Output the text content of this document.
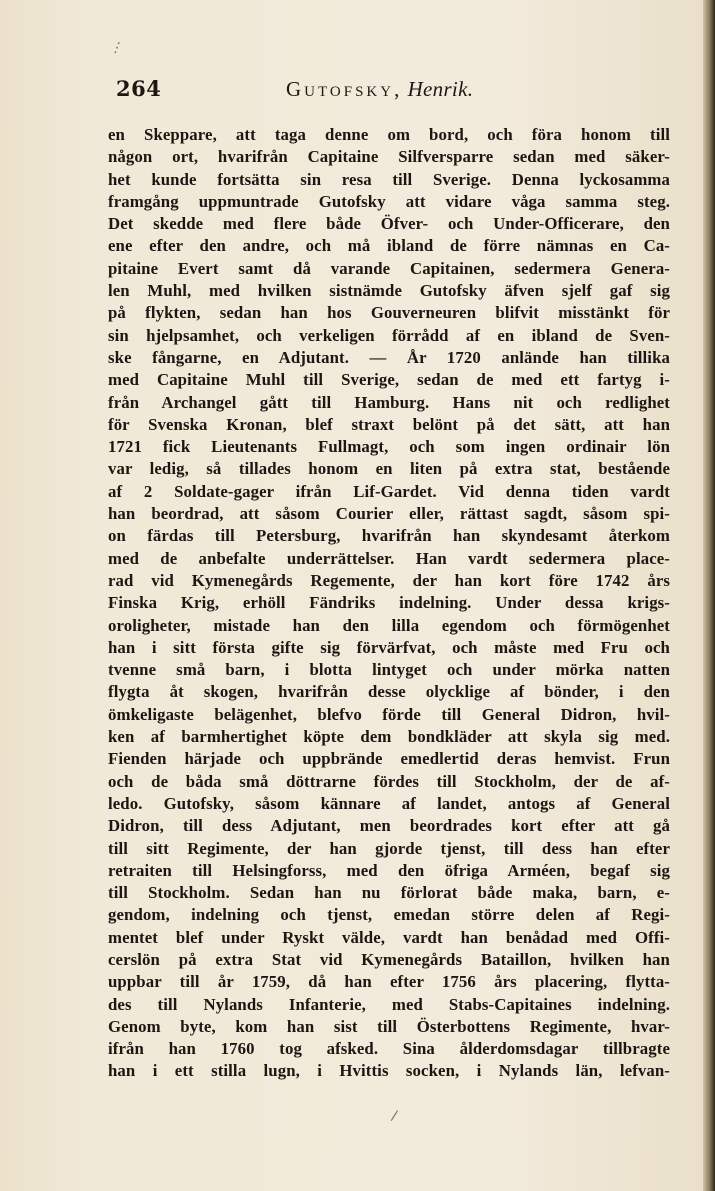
264	Gutofsky, Henrik.
en Skeppare, att taga denne om bord, och föra honom till
någon ort, hvarifrån Capitaine Silfversparre sedan med säker-
het kunde fortsätta sin resa till Sverige. Denna lyckosamma
framgång uppmuntrade Gutofsky att vidare våga samma steg.
Det skedde med flere både Öfver- och Under-Officerare, den
ene efter den andre, och må ibland de förre nämnas en Ca-
pitaine Evert samt då varande Capitainen, sedermera Genera-
len Muhl, med hvilken sistnämde Gutofsky äfven sjelf gaf sig
på flykten, sedan han hos Gouverneuren blifvit misstänkt för
sin hjelpsamhet, och verkeligen förrådd af en ibland de Sven-
ske fångarne, en Adjutant. — År 1720 anlände han tillika
med Capitaine Muhl till Sverige, sedan de med ett fartyg i-
från Archangel gått till Hamburg. Hans nit och redlighet
för Svenska Kronan, blef straxt belönt på det sätt, att han
1721 fick Lieutenants Fullmagt, och som ingen ordinair lön
var ledig, så tillades honom en liten på extra stat, bestående
af 2 Soldate-gager ifrån Lif-Gardet. Vid denna tiden vardt
han beordrad, att såsom Courier eller, rättast sagdt, såsom spi-
on färdas till Petersburg, hvarifrån han skyndesamt återkom
med de anbefalte underrättelser. Han vardt sedermera place-
rad vid Kymenegårds Regemente, der han kort före 1742 års
Finska Krig, erhöll Fändriks indelning. Under dessa krigs-
oroligheter, mistade han den lilla egendom och förmögenhet
han i sitt första gifte sig förvärfvat, och måste med Fru och
tvenne små barn, i blotta lintyget och under mörka natten
flygta åt skogen, hvarifrån desse olycklige af bönder, i den
ömkeligaste belägenhet, blefvo förde till General Didron, hvil-
ken af barmhertighet köpte dem bondkläder att skyla sig med.
Fienden härjade och uppbrände emedlertid deras hemvist. Frun
och de båda små döttrarne fördes till Stockholm, der de af-
ledo. Gutofsky, såsom kännare af landet, antogs af General
Didron, till dess Adjutant, men beordrades kort efter att gå
till sitt Regimente, der han gjorde tjenst, till dess han efter
retraiten till Helsingforss, med den öfriga Arméen, begaf sig
till Stockholm. Sedan han nu förlorat både maka, barn, e-
gendom, indelning och tjenst, emedan större delen af Regi-
mentet blef under Ryskt välde, vardt han benådad med Offi-
cerslön på extra Stat vid Kymenegårds Bataillon, hvilken han
uppbar till år 1759, då han efter 1756 års placering, flytta-
des till Nylands Infanterie, med Stabs-Capitaines indelning.
Genom byte, kom han sist till Österbottens Regimente, hvar-
ifrån han 1760 tog afsked. Sina ålderdomsdagar tillbragte
han i ett stilla lugn, i Hvittis socken, i Nylands län, lefvan-
⋮
∕
